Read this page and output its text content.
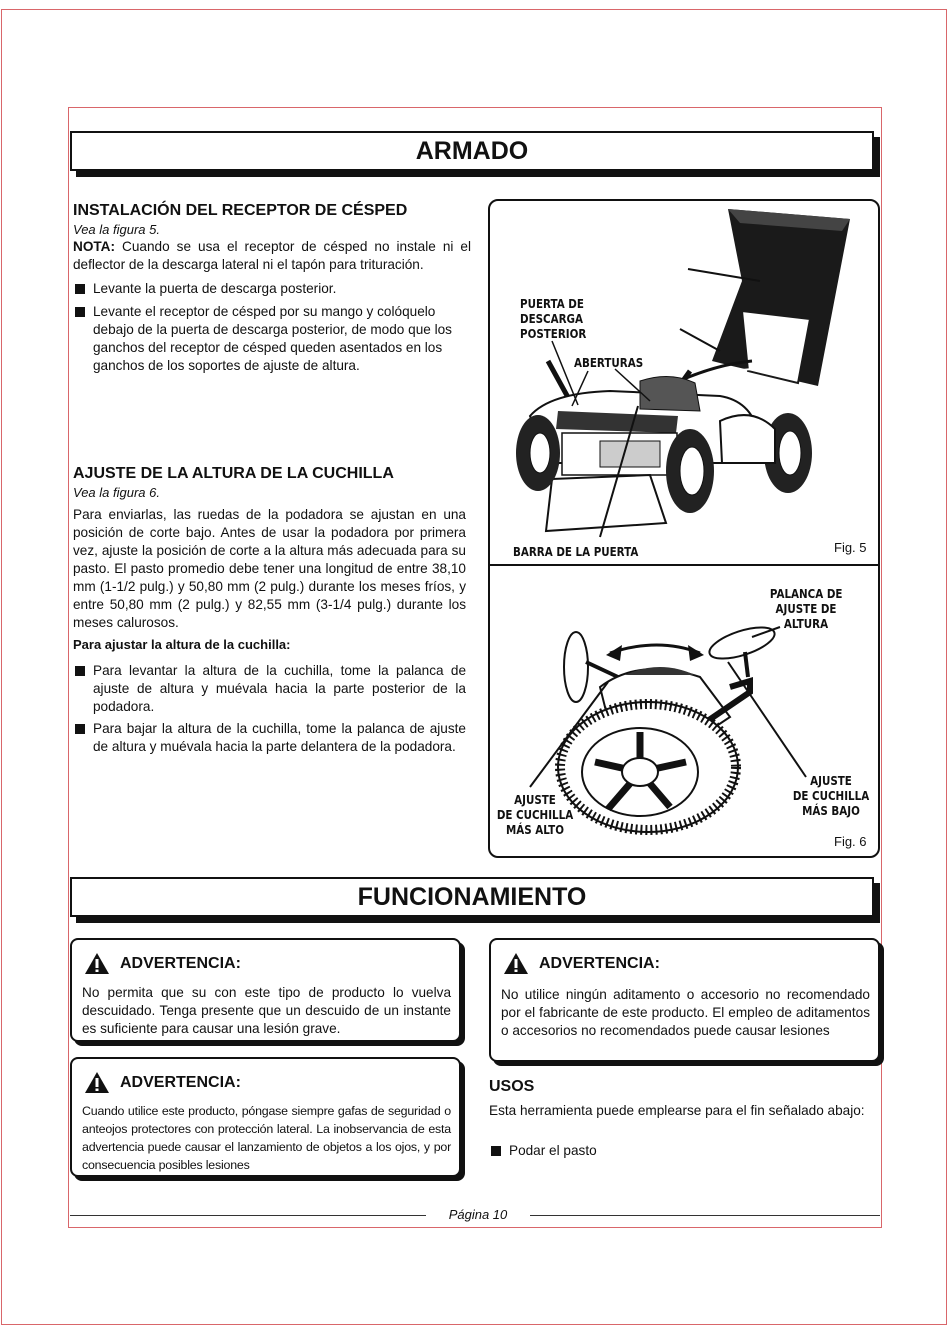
ARMADO
INSTALACIÓN DEL RECEPTOR DE CÉSPED
Vea la figura 5.
NOTA: Cuando se usa el receptor de césped no instale ni el deflector de la descarga lateral ni el tapón para trituración.
Levante la puerta de descarga posterior.
Levante el receptor de césped por su mango y colóquelo debajo de la puerta de descarga posterior, de modo que los ganchos del receptor de césped queden asentados en los ganchos de los soportes de ajuste de altura.
AJUSTE DE LA ALTURA DE LA CUCHILLA
Vea la figura 6.
Para enviarlas, las ruedas de la podadora se ajustan en una posición de corte bajo. Antes de usar la podadora por primera vez, ajuste la posición de corte a la altura más adecuada para su pasto. El pasto promedio debe tener una longitud de entre 38,10 mm (1-1/2 pulg.) y 50,80 mm (2 pulg.) durante los meses fríos, y entre 50,80 mm (2 pulg.) y 82,55 mm (3-1/4 pulg.) durante los meses calurosos.
Para ajustar la altura de la cuchilla:
Para levantar la altura de la cuchilla, tome la palanca de ajuste de altura y muévala hacia la parte posterior de la podadora.
Para bajar la altura de la cuchilla, tome la palanca de ajuste de altura y muévala hacia la parte delantera de la podadora.
PUERTA DE
DESCARGA
POSTERIOR
ABERTURAS
BARRA DE LA PUERTA	Fig. 5
PALANCA DE
AJUSTE DE
ALTURA
AJUSTE
DE CUCHILLA
MÁS ALTO
AJUSTE
DE CUCHILLA
MÁS BAJO
Fig. 6
FUNCIONAMIENTO
ADVERTENCIA:
No permita que su con este tipo de producto lo vuelva descuidado. Tenga presente que un descuido de un instante es suficiente para causar una lesión grave.
ADVERTENCIA:
Cuando utilice este producto, póngase siempre gafas de seguridad o anteojos protectores con protección lateral. La inobservancia de esta advertencia puede causar el lanzamiento de objetos a los ojos, y por consecuencia posibles lesiones
ADVERTENCIA:
No utilice ningún aditamento o accesorio no recomendado por el fabricante de este producto. El empleo de aditamentos o accesorios no recomendados puede causar lesiones
USOS
Esta herramienta puede emplearse para el fin señalado abajo:
Podar el pasto
Página 10
